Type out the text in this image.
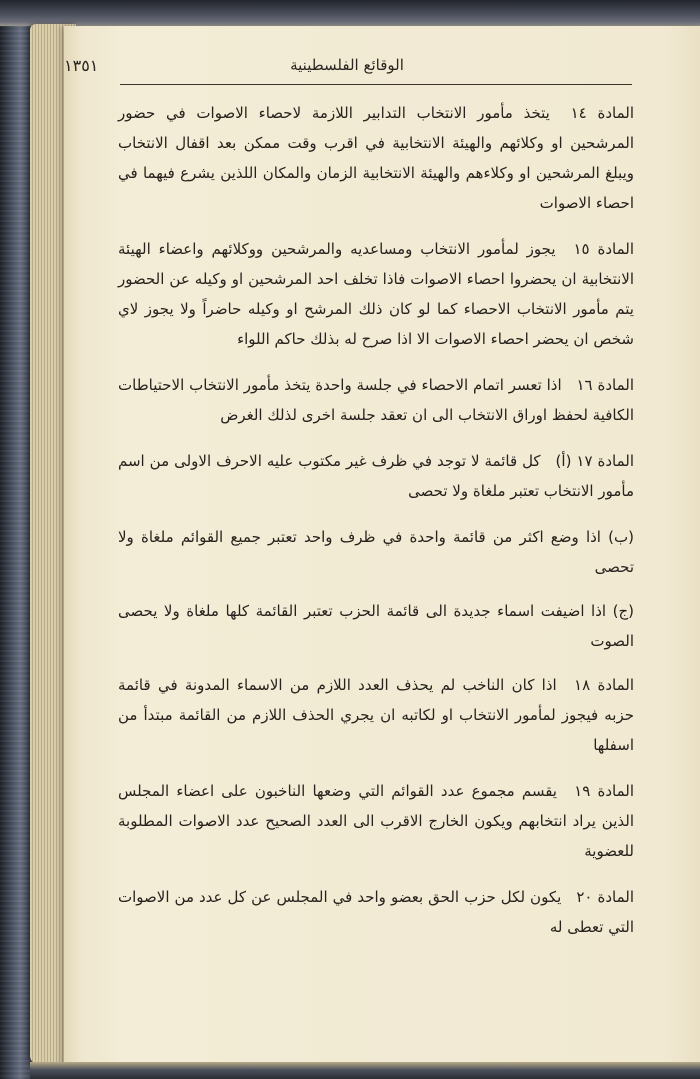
١٣٥١	الوقائع الفلسطينية

المادة ١٤ يتخذ مأمور الانتخاب التدابير اللازمة لاحصاء الاصوات في حضور المرشحين او وكلائهم والهيئة الانتخابية في اقرب وقت ممكن بعد اقفال الانتخاب ويبلغ المرشحين او وكلاءهم والهيئة الانتخابية الزمان والمكان اللذين يشرع فيهما في احصاء الاصوات

المادة ١٥ يجوز لمأمور الانتخاب ومساعديه والمرشحين ووكلائهم واعضاء الهيئة الانتخابية ان يحضروا احصاء الاصوات فاذا تخلف احد المرشحين او وكيله عن الحضور يتم مأمور الانتخاب الاحصاء كما لو كان ذلك المرشح او وكيله حاضراً ولا يجوز لاي شخص ان يحضر احصاء الاصوات الا اذا صرح له بذلك حاكم اللواء

المادة ١٦ اذا تعسر اتمام الاحصاء في جلسة واحدة يتخذ مأمور الانتخاب الاحتياطات الكافية لحفظ اوراق الانتخاب الى ان تعقد جلسة اخرى لذلك الغرض

المادة ١٧ (أ) كل قائمة لا توجد في ظرف غير مكتوب عليه الاحرف الاولى من اسم مأمور الانتخاب تعتبر ملغاة ولا تحصى

(ب) اذا وضع اكثر من قائمة واحدة في ظرف واحد تعتبر جميع القوائم ملغاة ولا تحصى

(ج) اذا اضيفت اسماء جديدة الى قائمة الحزب تعتبر القائمة كلها ملغاة ولا يحصى الصوت

المادة ١٨ اذا كان الناخب لم يحذف العدد اللازم من الاسماء المدونة في قائمة حزبه فيجوز لمأمور الانتخاب او لكاتبه ان يجري الحذف اللازم من القائمة مبتدأ من اسفلها

المادة ١٩ يقسم مجموع عدد القوائم التي وضعها الناخبون على اعضاء المجلس الذين يراد انتخابهم ويكون الخارج الاقرب الى العدد الصحيح عدد الاصوات المطلوبة للعضوية

المادة ٢٠ يكون لكل حزب الحق بعضو واحد في المجلس عن كل عدد من الاصوات التي تعطى له
